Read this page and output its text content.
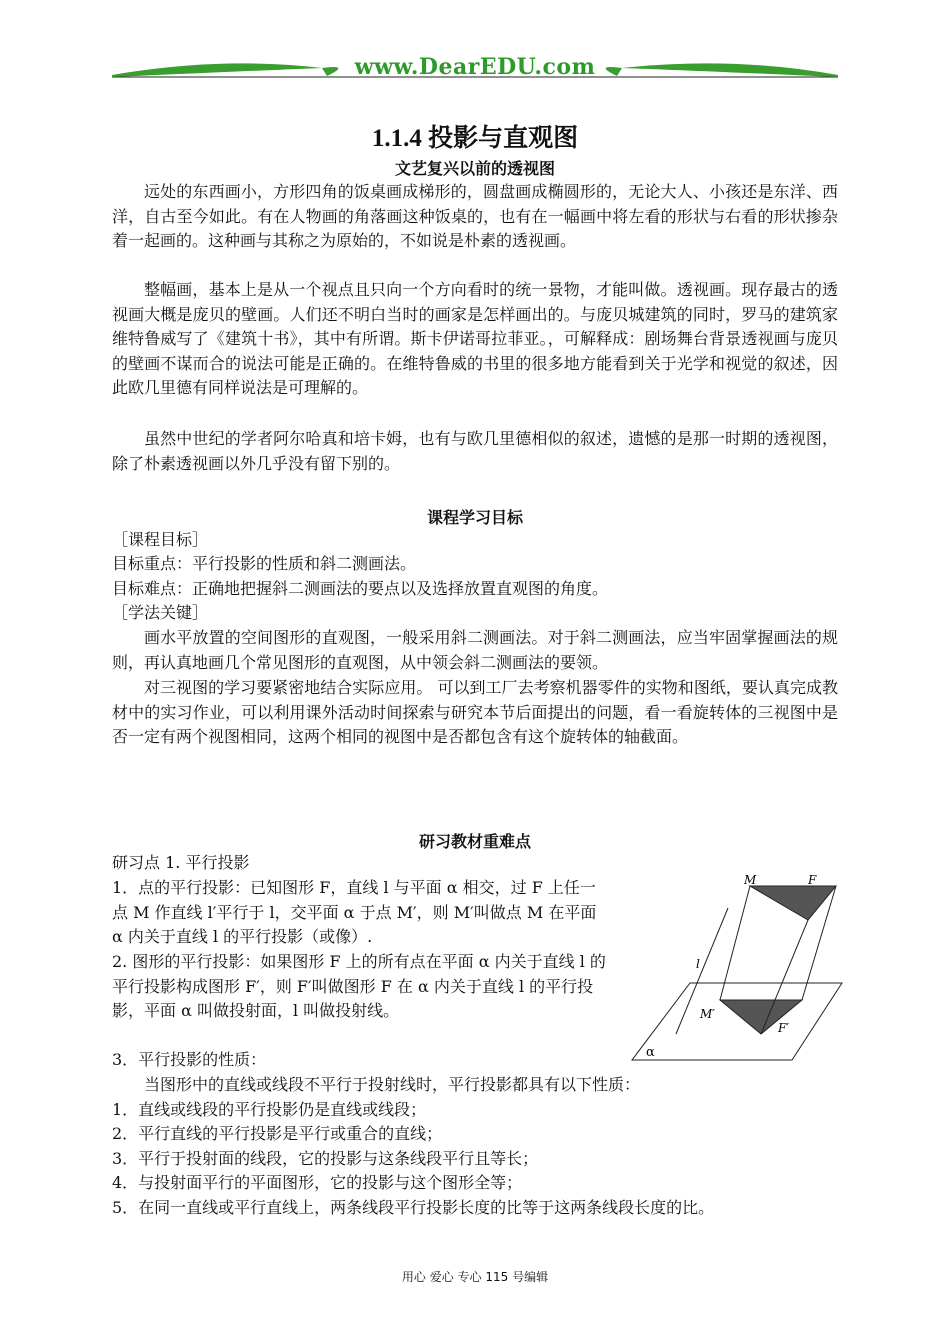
www.DearEDU.com
1.1.4 投影与直观图
文艺复兴以前的透视图

远处的东西画小，方形四角的饭桌画成梯形的，圆盘画成椭圆形的，无论大人、小孩还是东洋、西洋，自古至今如此。有在人物画的角落画这种饭桌的，也有在一幅画中将左看的形状与右看的形状掺杂着一起画的。这种画与其称之为原始的，不如说是朴素的透视画。

整幅画，基本上是从一个视点且只向一个方向看时的统一景物，才能叫做。透视画。现存最古的透视画大概是庞贝的壁画。人们还不明白当时的画家是怎样画出的。与庞贝城建筑的同时，罗马的建筑家维特鲁威写了《建筑十书》，其中有所谓。斯卡伊诺哥拉菲亚。，可解释成：剧场舞台背景透视画与庞贝的壁画不谋而合的说法可能是正确的。在维特鲁威的书里的很多地方能看到关于光学和视觉的叙述，因此欧几里德有同样说法是可理解的。

虽然中世纪的学者阿尔哈真和培卡姆，也有与欧几里德相似的叙述，遗憾的是那一时期的透视图，除了朴素透视画以外几乎没有留下别的。

课程学习目标
［课程目标］
目标重点：平行投影的性质和斜二测画法。
目标难点：正确地把握斜二测画法的要点以及选择放置直观图的角度。
［学法关键］

画水平放置的空间图形的直观图，一般采用斜二测画法。对于斜二测画法，应当牢固掌握画法的规则，再认真地画几个常见图形的直观图，从中领会斜二测画法的要领。

对三视图的学习要紧密地结合实际应用。 可以到工厂去考察机器零件的实物和图纸，要认真完成教材中的实习作业，可以利用课外活动时间探索与研究本节后面提出的问题，看一看旋转体的三视图中是否一定有两个视图相同，这两个相同的视图中是否都包含有这个旋转体的轴截面。

研习教材重难点
研习点 1. 平行投影

1．点的平行投影：已知图形 F，直线 l 与平面 α 相交，过 F 上任一点 M 作直线 l′平行于 l，交平面 α 于点 M′，则 M′叫做点 M 在平面 α 内关于直线 l 的平行投影（或像）.

2. 图形的平行投影：如果图形 F 上的所有点在平面 α 内关于直线 l 的平行投影构成图形 F′，则 F′叫做图形 F 在 α 内关于直线 l 的平行投影，平面 α 叫做投射面，l 叫做投射线。

M	F
l
M′
F′
α
3．平行投影的性质：
当图形中的直线或线段不平行于投射线时，平行投影都具有以下性质：
1．直线或线段的平行投影仍是直线或线段；
2．平行直线的平行投影是平行或重合的直线；
3．平行于投射面的线段，它的投影与这条线段平行且等长；
4．与投射面平行的平面图形，它的投影与这个图形全等；
5．在同一直线或平行直线上，两条线段平行投影长度的比等于这两条线段长度的比。
用心 爱心 专心 115 号编辑
